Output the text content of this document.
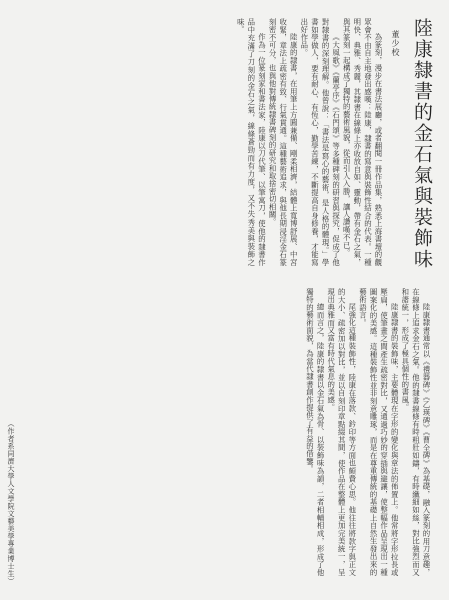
陸康隸書的金石氣與裝飾味
董少校

為篆刻，漫步在書法展廳，或者翻閱一冊作品集，熟悉上海書壇的觀眾會不由自主地發出感嘆：陸康，隸書的寫意與裝飾性結合的代表。一種明快、典雅、秀麗，其隸書在線條上亦收放自如、靈動，帶有金石之氣，與其篆刻一起構成了獨特的藝術風貌，從而引人入勝，讓人讚嘆不已。

《大風歌》《蘭亭序》《石門頌》等多種碑刻的研習與探究，促成了他對隸書的深刻理解。他曾說：「書法是寫心的藝術，是人格的體現。」學書如學做人，要有耐心、有恆心，勤學苦練，不斷提高自身修養，才能寫出好作品。

陸康的隸書，在用筆上方圓兼備、剛柔相濟，結體上寬博舒展、中宮收緊，章法上疏密有致、行氣貫通。這種藝術追求，與他長期浸淫金石篆刻密不可分，也與他對傳統隸書碑刻的研究和取捨密切相關。

作為一位篆刻家和書法家，陸康以刀代筆、以筆寓刀，使他的隸書作品中充滿了刀刻的金石之氣，線條蒼勁而有力度，又不失秀美與裝飾之味。

陸康隸書通常以《禮器碑》《乙瑛碑》《曹全碑》為基礎，融入篆刻的用刀意趣，在線條上追求金石之氣。他的隸書線條有時粗壯如鑄，有時纖細如絲，對比強烈而又和諧統一，形成了極具個性的書風。

陸康隸書的裝飾味，主要體現在字形的變化與章法的佈置上。他常將字形拉長或壓扁，使筆畫之間產生疏密對比，又通過巧妙的穿插與避讓，使整幅作品呈現出一種圖案化的美感。這種裝飾性並非刻意雕琢，而是在尊重傳統的基礎上自然生發出來的藝術語言。

尾強化這種裝飾性，陸康在落款、鈐印等方面也頗費心思。他往往將款字與正文的大小、疏密加以對比，並以自刻印章點綴其間，使作品在整體上更加完美統一，呈現出典雅而又富有時代氣息的美感。

總而言之，陸康的隸書以金石氣為骨、以裝飾味為韻，二者相輔相成，形成了他獨特的藝術面貌，為當代隸書創作提供了有益的借鑒。

（作者系同濟大學人文學院文藝美學專業博士生）
